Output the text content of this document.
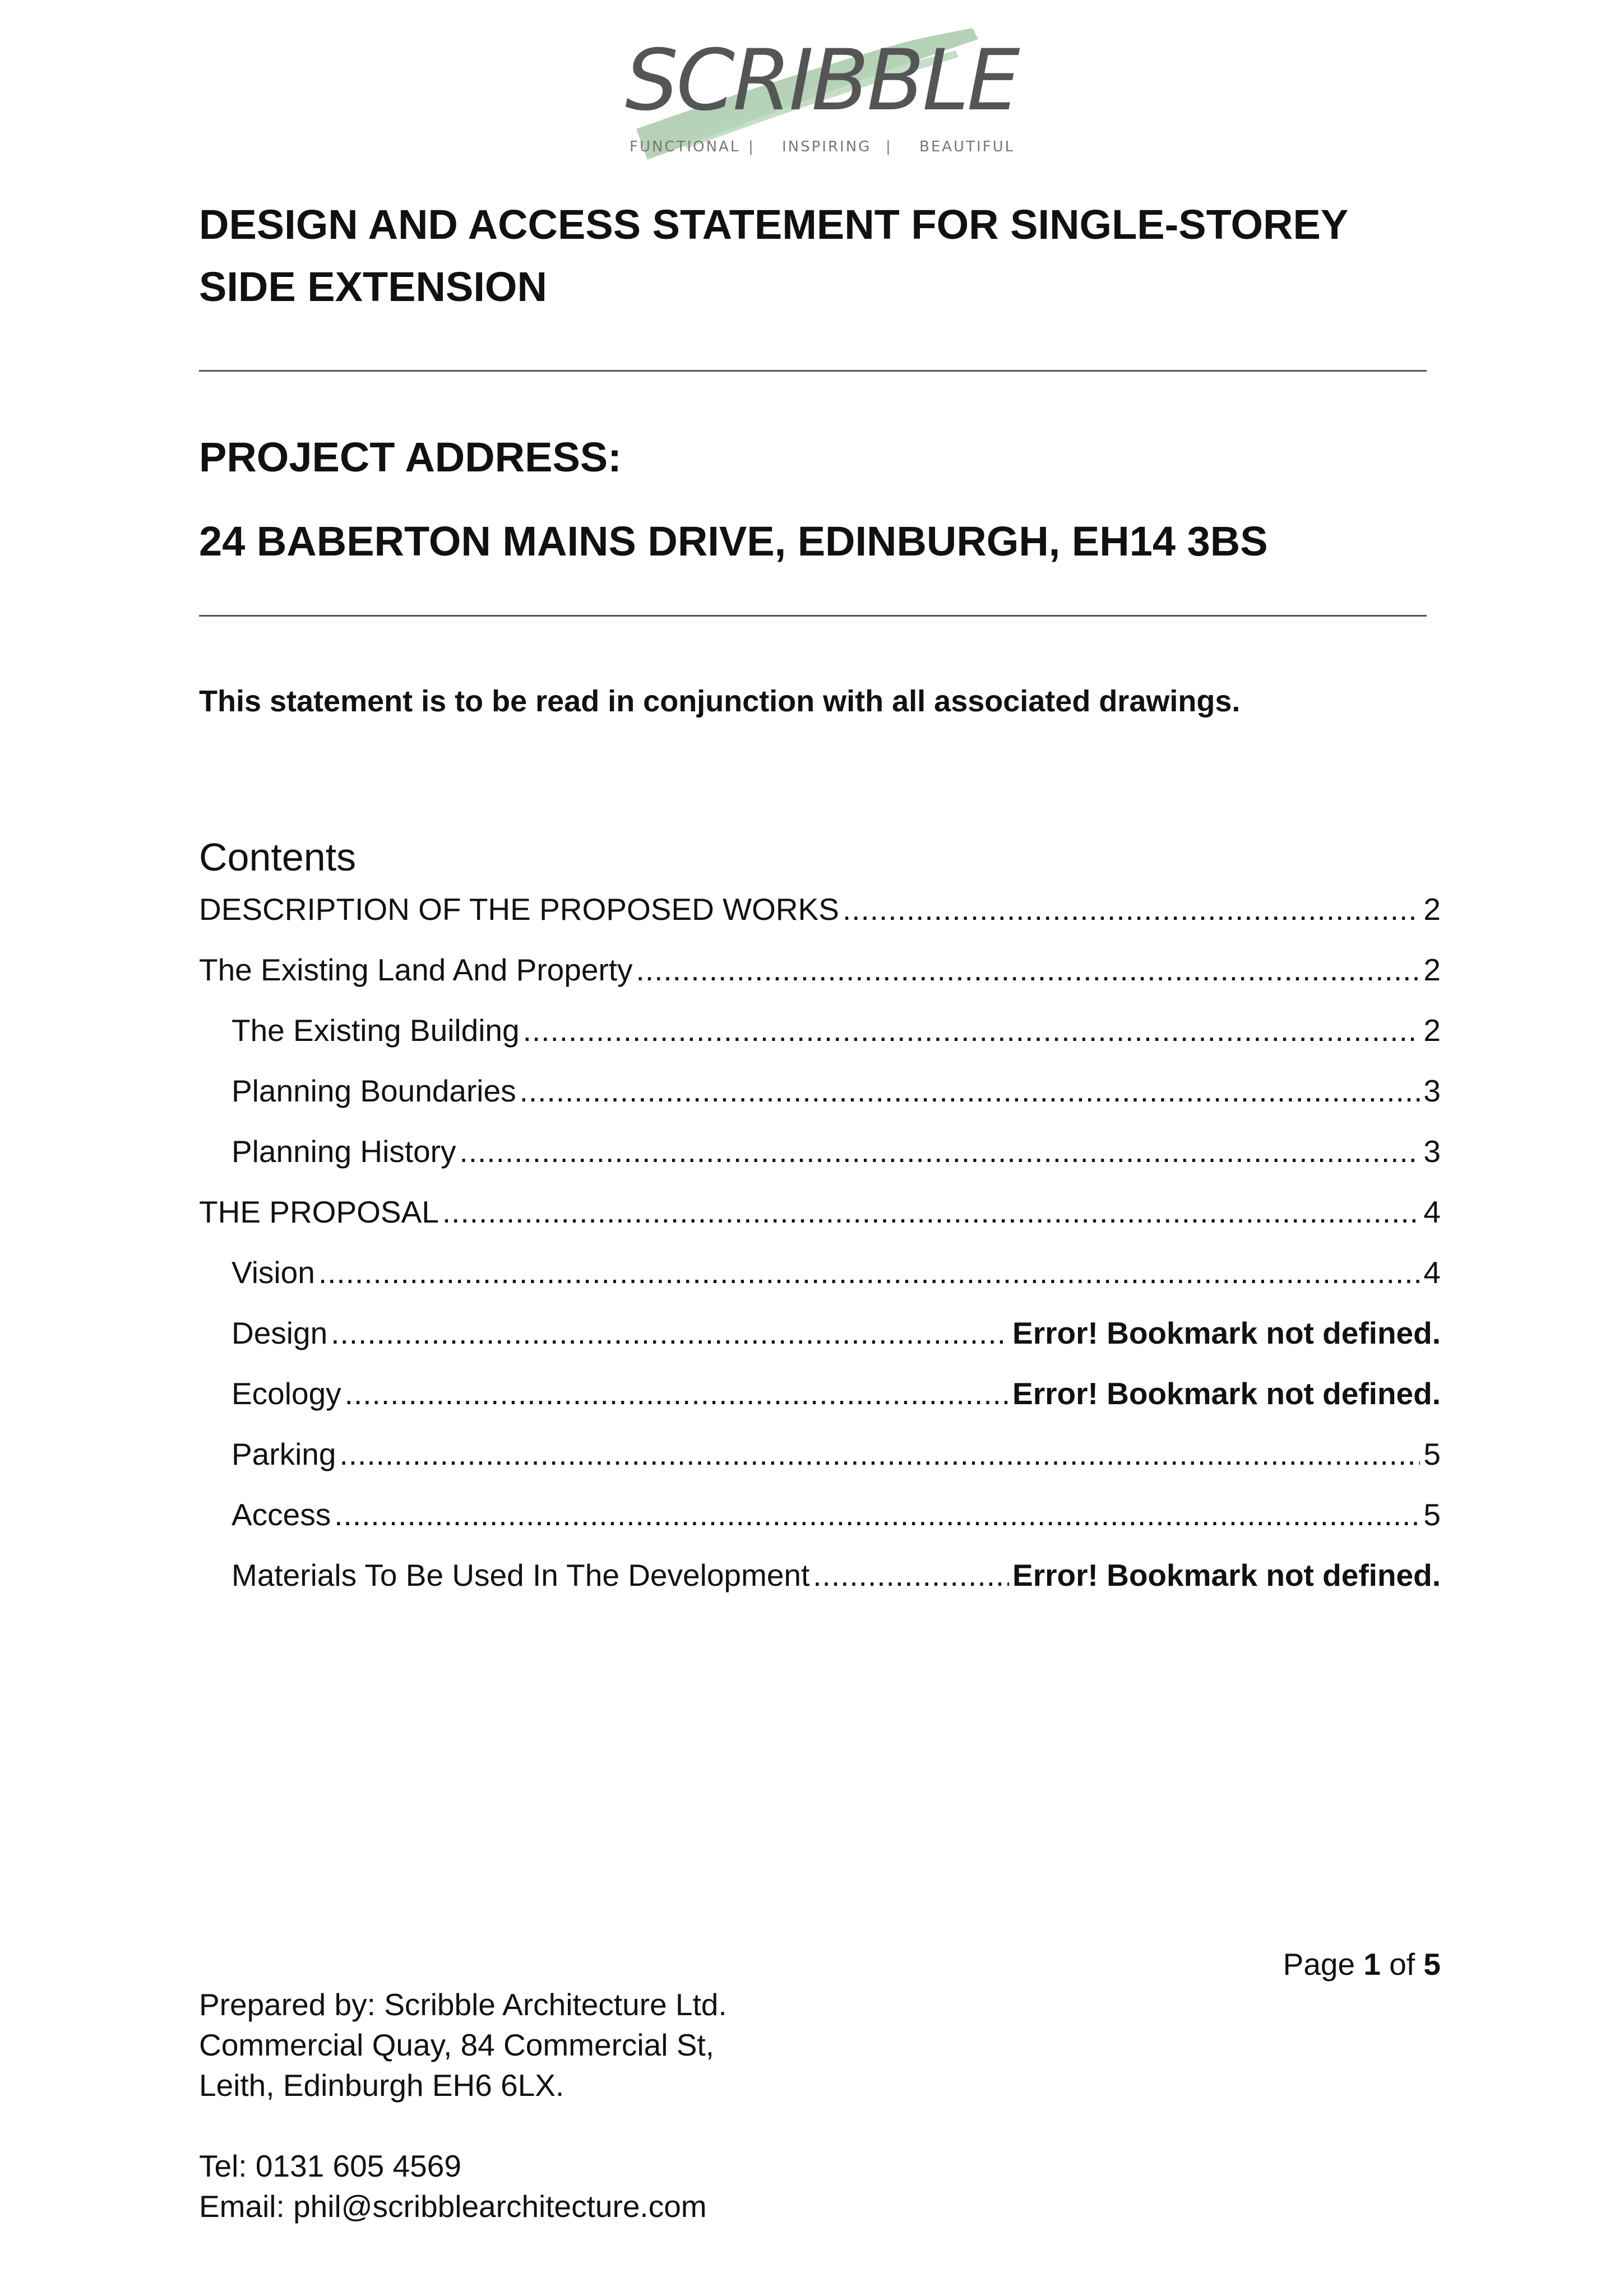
SCRIBBLE
FUNCTIONAL | INSPIRING | BEAUTIFUL
DESIGN AND ACCESS STATEMENT FOR SINGLE-STOREY SIDE EXTENSION
PROJECT ADDRESS:
24 BABERTON MAINS DRIVE, EDINBURGH, EH14 3BS
This statement is to be read in conjunction with all associated drawings.
Contents
DESCRIPTION OF THE PROPOSED WORKS .....	2
The Existing Land And Property .....	2
The Existing Building .....	2
Planning Boundaries .....	3
Planning History .....	3
THE PROPOSAL .....	4
Vision .....	4
Design .....	Error! Bookmark not defined.
Ecology .....	Error! Bookmark not defined.
Parking .....	5
Access .....	5
Materials To Be Used In The Development .....	Error! Bookmark not defined.
Page 1 of 5
Prepared by: Scribble Architecture Ltd.
Commercial Quay, 84 Commercial St,
Leith, Edinburgh EH6 6LX.
Tel: 0131 605 4569
Email: phil@scribblearchitecture.com
